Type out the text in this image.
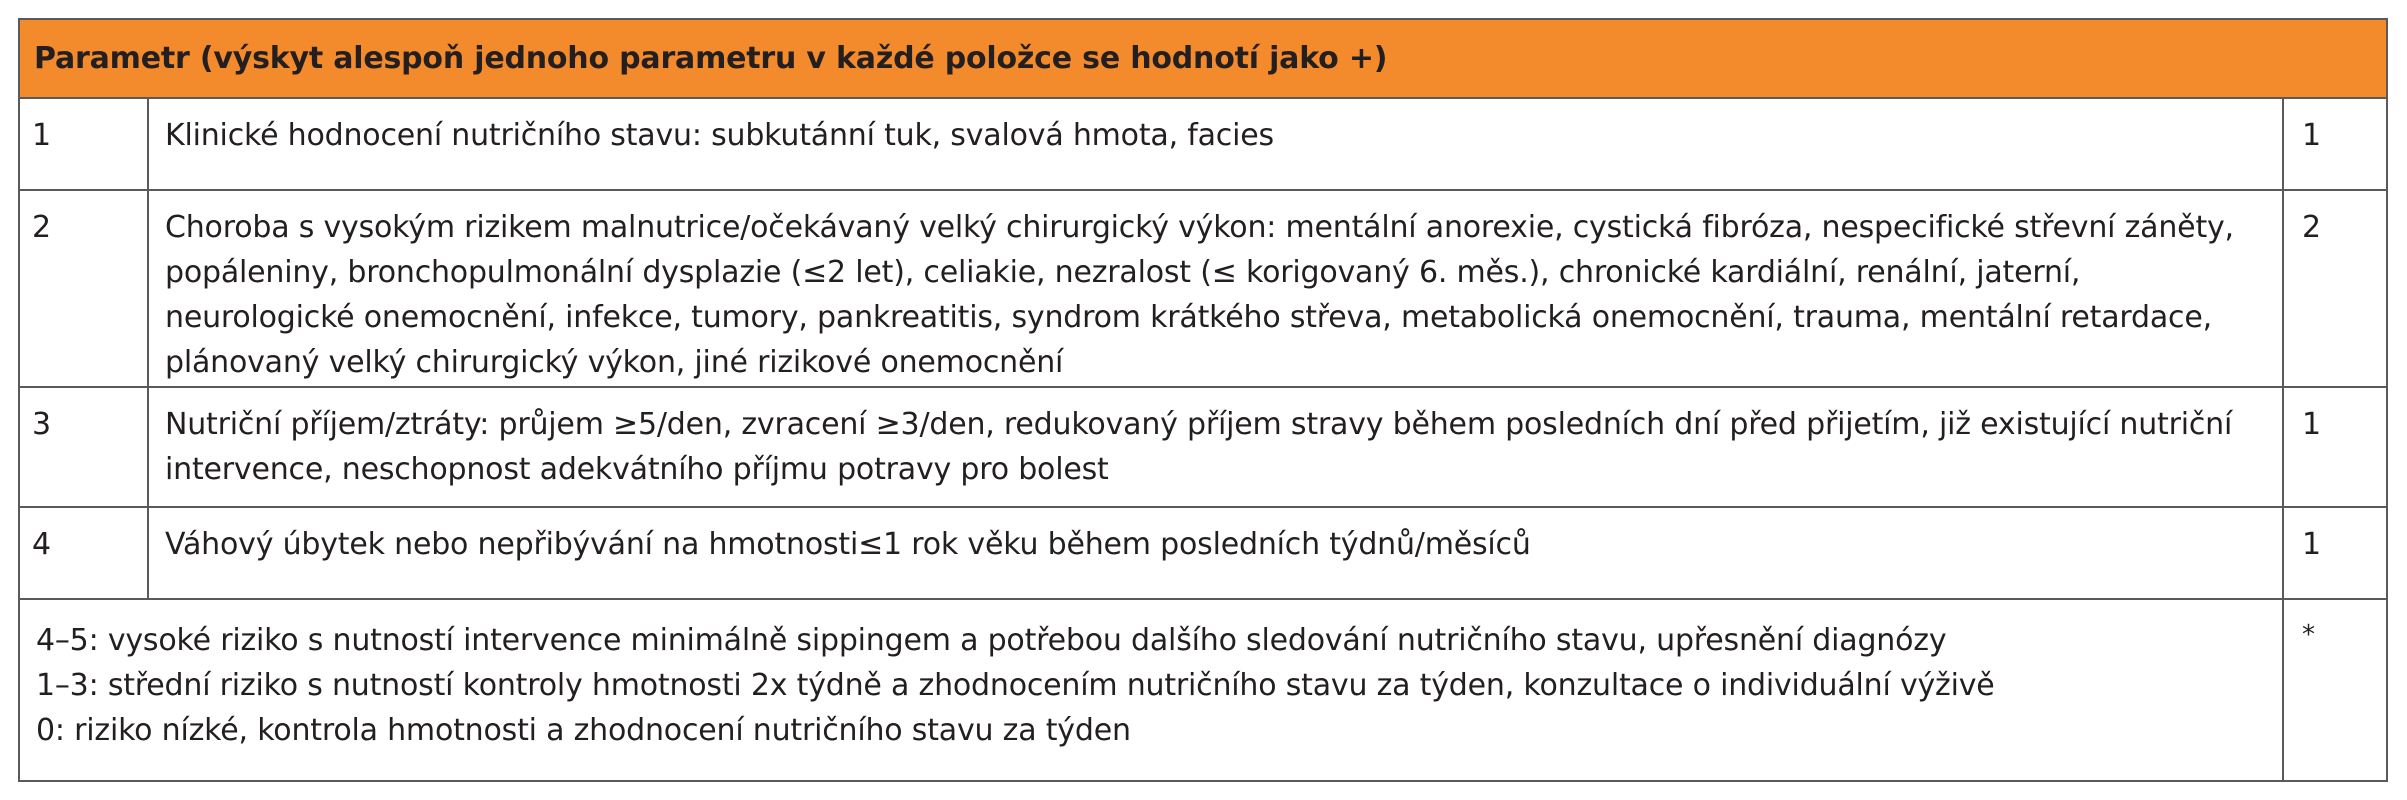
Parametr (výskyt alespoň jednoho parametru v každé položce se hodnotí jako +)		
1	Klinické hodnocení nutričního stavu: subkutánní tuk, svalová hmota, facies	1
2	Choroba s vysokým rizikem malnutrice/očekávaný velký chirurgický výkon: mentální anorexie, cystická fibróza, nespecifické střevní záněty, popáleniny, bronchopulmonální dysplazie (≤2 let), celiakie, nezralost (≤ korigovaný 6. měs.), chronické kardiální, renální, jaterní, neurologické onemocnění, infekce, tumory, pankreatitis, syndrom krátkého střeva, metabolická onemocnění, trauma, mentální retardace, plánovaný velký chirurgický výkon, jiné rizikové onemocnění	2
3	Nutriční příjem/ztráty: průjem ≥5/den, zvracení ≥3/den, redukovaný příjem stravy během posledních dní před přijetím, již existující nutriční intervence, neschopnost adekvátního příjmu potravy pro bolest	1
4	Váhový úbytek nebo nepřibývání na hmotnosti≤1 rok věku během posledních týdnů/měsíců	1

4–5: vysoké riziko s nutností intervence minimálně sippingem a potřebou dalšího sledování nutričního stavu, upřesnění diagnózy
1–3: střední riziko s nutností kontroly hmotnosti 2x týdně a zhodnocením nutričního stavu za týden, konzultace o individuální výživě
0: riziko nízké, kontrola hmotnosti a zhodnocení nutričního stavu za týden		*
